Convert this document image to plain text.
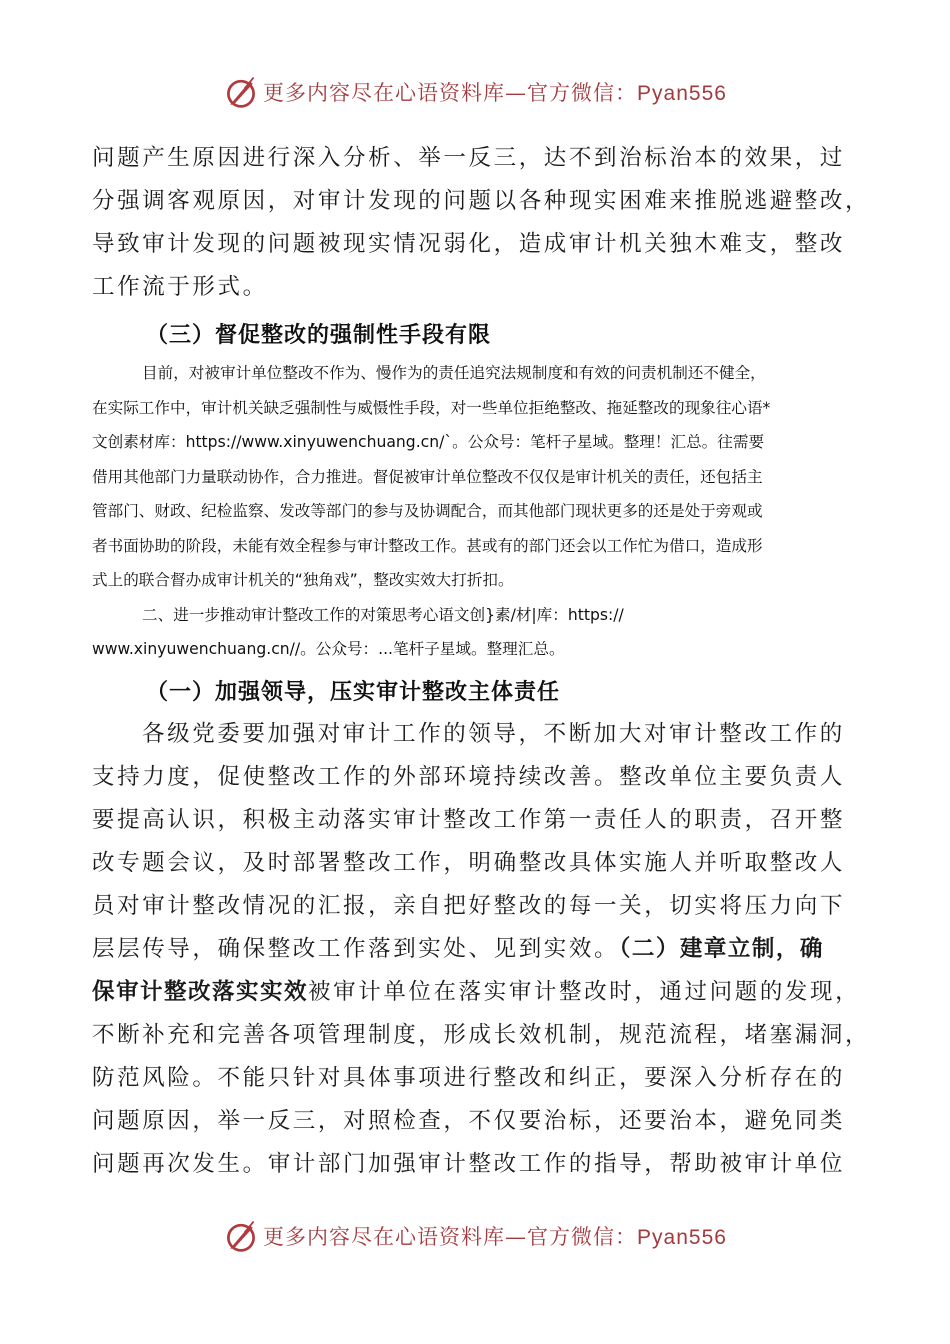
更多内容尽在心语资料库—官方微信：Pyan556

问题产生原因进行深入分析、举一反三，达不到治标治本的效果，过

分强调客观原因，对审计发现的问题以各种现实困难来推脱逃避整改，

导致审计发现的问题被现实情况弱化，造成审计机关独木难支，整改

工作流于形式。

（三）督促整改的强制性手段有限
目前，对被审计单位整改不作为、慢作为的责任追究法规制度和有效的问责机制还不健全，
在实际工作中，审计机关缺乏强制性与威慑性手段，对一些单位拒绝整改、拖延整改的现象往心语*
文创素材库：https://www.xinyuwenchuang.cn/`。公众号：笔杆子星域。整理！汇总。往需要
借用其他部门力量联动协作，合力推进。督促被审计单位整改不仅仅是审计机关的责任，还包括主
管部门、财政、纪检监察、发改等部门的参与及协调配合，而其他部门现状更多的还是处于旁观或
者书面协助的阶段，未能有效全程参与审计整改工作。甚或有的部门还会以工作忙为借口，造成形
式上的联合督办成审计机关的“独角戏”，整改实效大打折扣。
二、进一步推动审计整改工作的对策思考心语文创}素/材|库：https://
www.xinyuwenchuang.cn//。公众号：...笔杆子星域。整理汇总。
（一）加强领导，压实审计整改主体责任

各级党委要加强对审计工作的领导，不断加大对审计整改工作的

支持力度，促使整改工作的外部环境持续改善。整改单位主要负责人

要提高认识，积极主动落实审计整改工作第一责任人的职责，召开整

改专题会议，及时部署整改工作，明确整改具体实施人并听取整改人

员对审计整改情况的汇报，亲自把好整改的每一关，切实将压力向下

层层传导，确保整改工作落到实处、见到实效。（二）建章立制，确
保审计整改落实实效被审计单位在落实审计整改时，通过问题的发现，

不断补充和完善各项管理制度，形成长效机制，规范流程，堵塞漏洞，

防范风险。不能只针对具体事项进行整改和纠正，要深入分析存在的

问题原因，举一反三，对照检查，不仅要治标，还要治本，避免同类

问题再次发生。审计部门加强审计整改工作的指导，帮助被审计单位

更多内容尽在心语资料库—官方微信：Pyan556
